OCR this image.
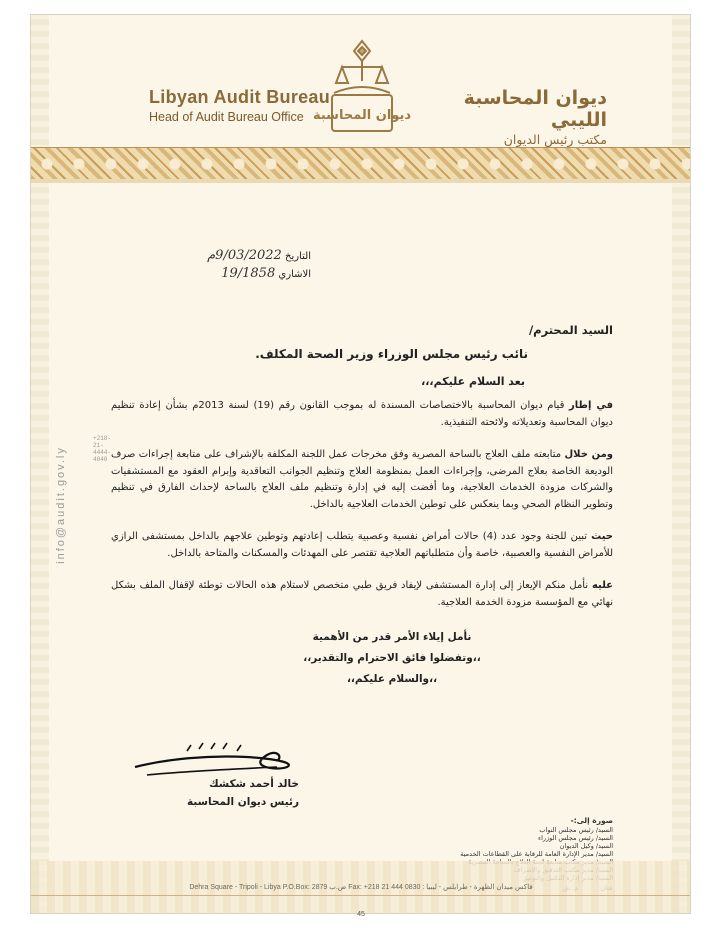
Libyan Audit Bureau
Head of Audit Bureau Office ديوان المحاسبة
ديوان المحاسبة الليبي
مكتب رئيس الديوان
info@audit.gov.ly
+218-21-4444-4040
التاريخ 9/03/2022م
الاشاري 19/1858

السيد المحترم/

نائب رئيس مجلس الوزراء وزير الصحة المكلف.

بعد السلام عليكم،،،

في إطار قيام ديوان المحاسبة بالاختصاصات المسندة له بموجب القانون رقم (19) لسنة 2013م بشأن إعادة تنظيم ديوان المحاسبة وتعديلاته ولائحته التنفيذية.

ومن خلال متابعته ملف العلاج بالساحة المصرية وفق مخرجات عمل اللجنة المكلفة بالإشراف على متابعة إجراءات صرف الوديعة الخاصة بعلاج المرضى، وإجراءات العمل بمنظومة العلاج وتنظيم الجوانب التعاقدية وإبرام العقود مع المستشفيات والشركات مزودة الخدمات العلاجية، وما أفضت إليه في إدارة وتنظيم ملف العلاج بالساحة لإحداث الفارق في تنظيم وتطوير النظام الصحي وبما ينعكس على توطين الخدمات العلاجية بالداخل.

حيث تبين للجنة وجود عدد (4) حالات أمراض نفسية وعصبية يتطلب إعادتهم وتوطين علاجهم بالداخل بمستشفى الرازي للأمراض النفسية والعصبية، خاصة وأن متطلباتهم العلاجية تقتصر على المهدئات والمسكنات والمتاحة بالداخل.

عليه نأمل منكم الإيعاز إلى إدارة المستشفى لإيفاد فريق طبي متخصص لاستلام هذه الحالات توطئة لإقفال الملف بشكل نهائي مع المؤسسة مزودة الخدمة العلاجية.

نأمل إيلاء الأمر قدر من الأهمية

،،وتفضلوا فائق الاحترام والتقدير،،

،،والسلام عليكم،،

خالد أحمد شكشك
رئيس ديوان المحاسبة
صورة إلى:-
السيد/ رئيس مجلس النواب
السيد/ رئيس مجلس الوزراء
السيد/ وكيل الديوان
السيد/ مدير الإدارة العامة للرقابة على القطاعات الخدمية
Dehra Square - Tripoli - Libya P.O.Box: 2879 ص.ب Fax: +218 21 444 0830 : فاكس ميدان الظهرة - طرابلس - ليبيا
45
